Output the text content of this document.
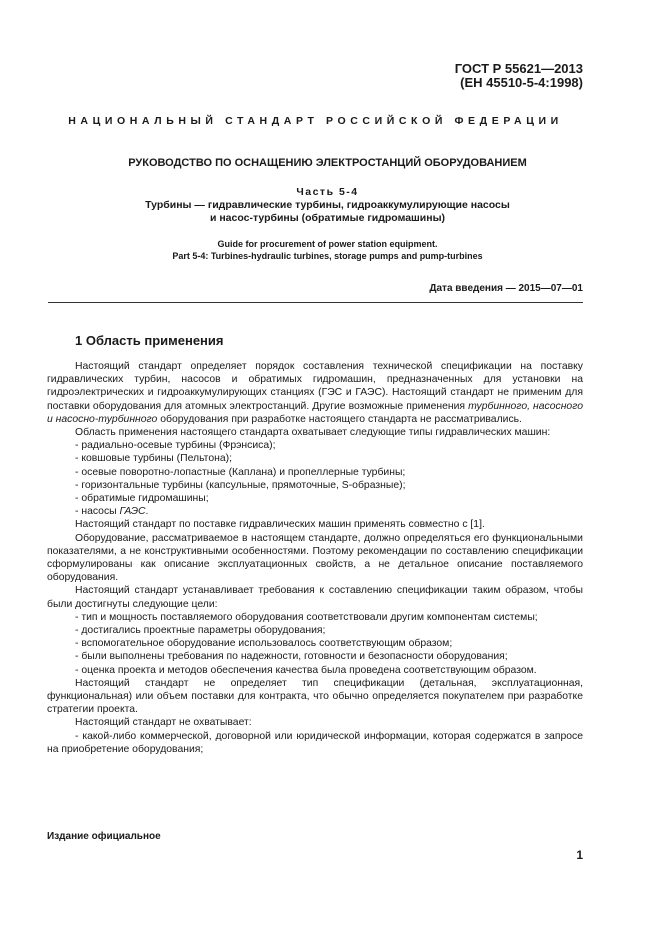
ГОСТ Р 55621—2013
(ЕН 45510-5-4:1998)
НАЦИОНАЛЬНЫЙ СТАНДАРТ РОССИЙСКОЙ ФЕДЕРАЦИИ
РУКОВОДСТВО ПО ОСНАЩЕНИЮ ЭЛЕКТРОСТАНЦИЙ ОБОРУДОВАНИЕМ
Часть 5-4
Турбины — гидравлические турбины, гидроаккумулирующие насосы
и насос-турбины (обратимые гидромашины)
Guide for procurement of power station equipment.
Part 5-4: Turbines-hydraulic turbines, storage pumps and pump-turbines
Дата введения — 2015—07—01
1 Область применения

Настоящий стандарт определяет порядок составления технической спецификации на поставку гидравлических турбин, насосов и обратимых гидромашин, предназначенных для установки на гидроэлектрических и гидроаккумулирующих станциях (ГЭС и ГАЭС). Настоящий стандарт не применим для поставки оборудования для атомных электростанций. Другие возможные применения турбинного, насосного и насосно-турбинного оборудования при разработке настоящего стандарта не рассматривались.

Область применения настоящего стандарта охватывает следующие типы гидравлических машин:

- радиально-осевые турбины (Фрэнсиса);

- ковшовые турбины (Пельтона);

- осевые поворотно-лопастные (Каплана) и пропеллерные турбины;

- горизонтальные турбины (капсульные, прямоточные, S-образные);

- обратимые гидромашины;

- насосы ГАЭС.

Настоящий стандарт по поставке гидравлических машин применять совместно с [1].

Оборудование, рассматриваемое в настоящем стандарте, должно определяться его функциональными показателями, а не конструктивными особенностями. Поэтому рекомендации по составлению спецификации сформулированы как описание эксплуатационных свойств, а не детальное описание поставляемого оборудования.

Настоящий стандарт устанавливает требования к составлению спецификации таким образом, чтобы были достигнуты следующие цели:

- тип и мощность поставляемого оборудования соответствовали другим компонентам системы;

- достигались проектные параметры оборудования;

- вспомогательное оборудование использовалось соответствующим образом;

- были выполнены требования по надежности, готовности и безопасности оборудования;

- оценка проекта и методов обеспечения качества была проведена соответствующим образом.

Настоящий стандарт не определяет тип спецификации (детальная, эксплуатационная, функциональная) или объем поставки для контракта, что обычно определяется покупателем при разработке стратегии проекта.

Настоящий стандарт не охватывает:

- какой-либо коммерческой, договорной или юридической информации, которая содержатся в запросе на приобретение оборудования;

Издание официальное
1
